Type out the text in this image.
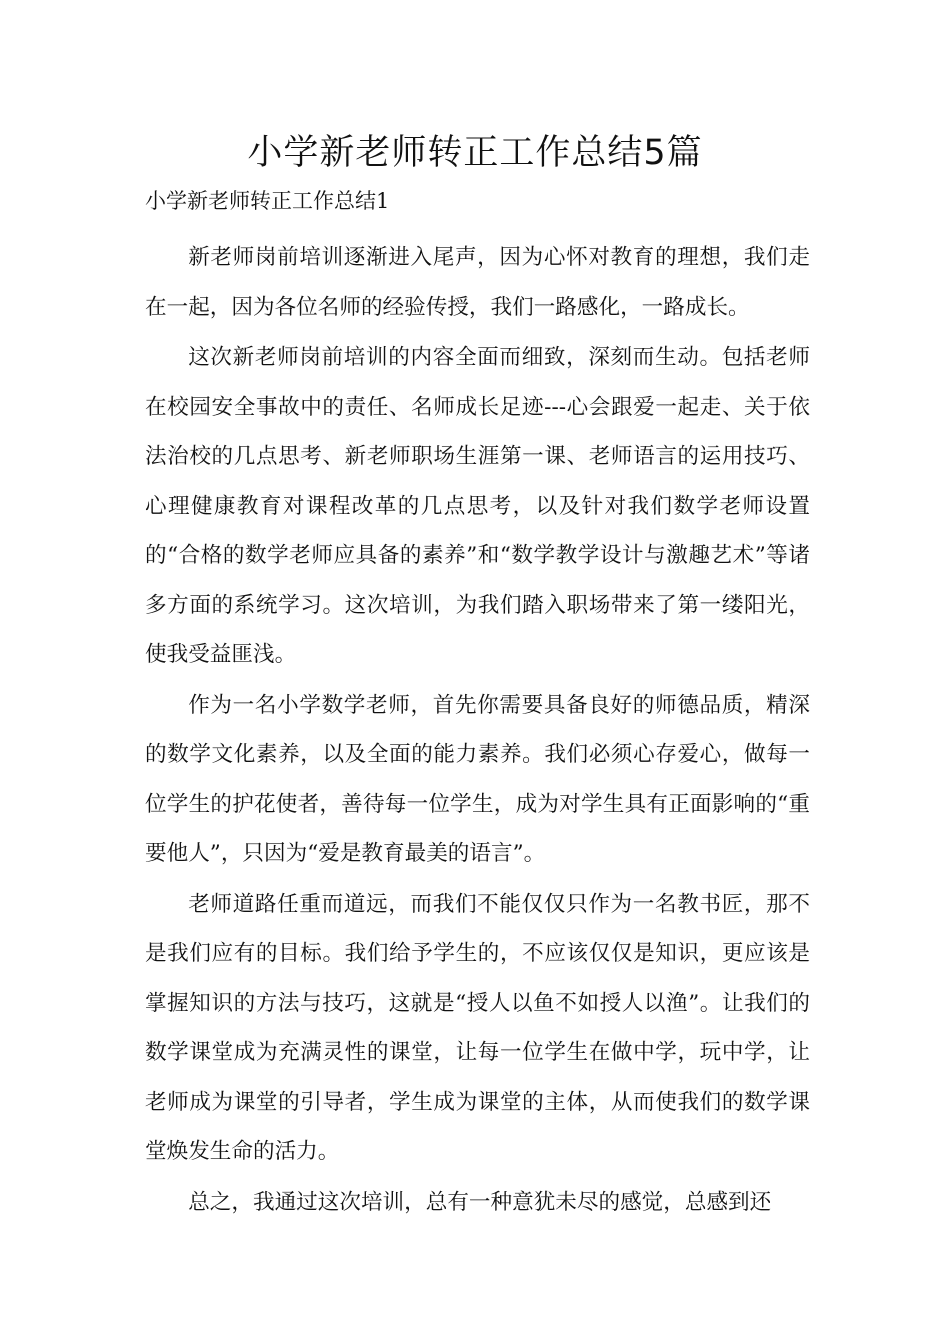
小学新老师转正工作总结5篇
小学新老师转正工作总结1

新老师岗前培训逐渐进入尾声，因为心怀对教育的理想，我们走在一起，因为各位名师的经验传授，我们一路感化，一路成长。

这次新老师岗前培训的内容全面而细致，深刻而生动。包括老师在校园安全事故中的责任、名师成长足迹---心会跟爱一起走、关于依法治校的几点思考、新老师职场生涯第一课、老师语言的运用技巧、心理健康教育对课程改革的几点思考，以及针对我们数学老师设置的“合格的数学老师应具备的素养”和“数学教学设计与激趣艺术”等诸多方面的系统学习。这次培训，为我们踏入职场带来了第一缕阳光，使我受益匪浅。

作为一名小学数学老师，首先你需要具备良好的师德品质，精深的数学文化素养，以及全面的能力素养。我们必须心存爱心，做每一位学生的护花使者，善待每一位学生，成为对学生具有正面影响的“重要他人”，只因为“爱是教育最美的语言”。

老师道路任重而道远，而我们不能仅仅只作为一名教书匠，那不是我们应有的目标。我们给予学生的，不应该仅仅是知识，更应该是掌握知识的方法与技巧，这就是“授人以鱼不如授人以渔”。让我们的数学课堂成为充满灵性的课堂，让每一位学生在做中学，玩中学，让老师成为课堂的引导者，学生成为课堂的主体，从而使我们的数学课堂焕发生命的活力。

总之，我通过这次培训，总有一种意犹未尽的感觉，总感到还
